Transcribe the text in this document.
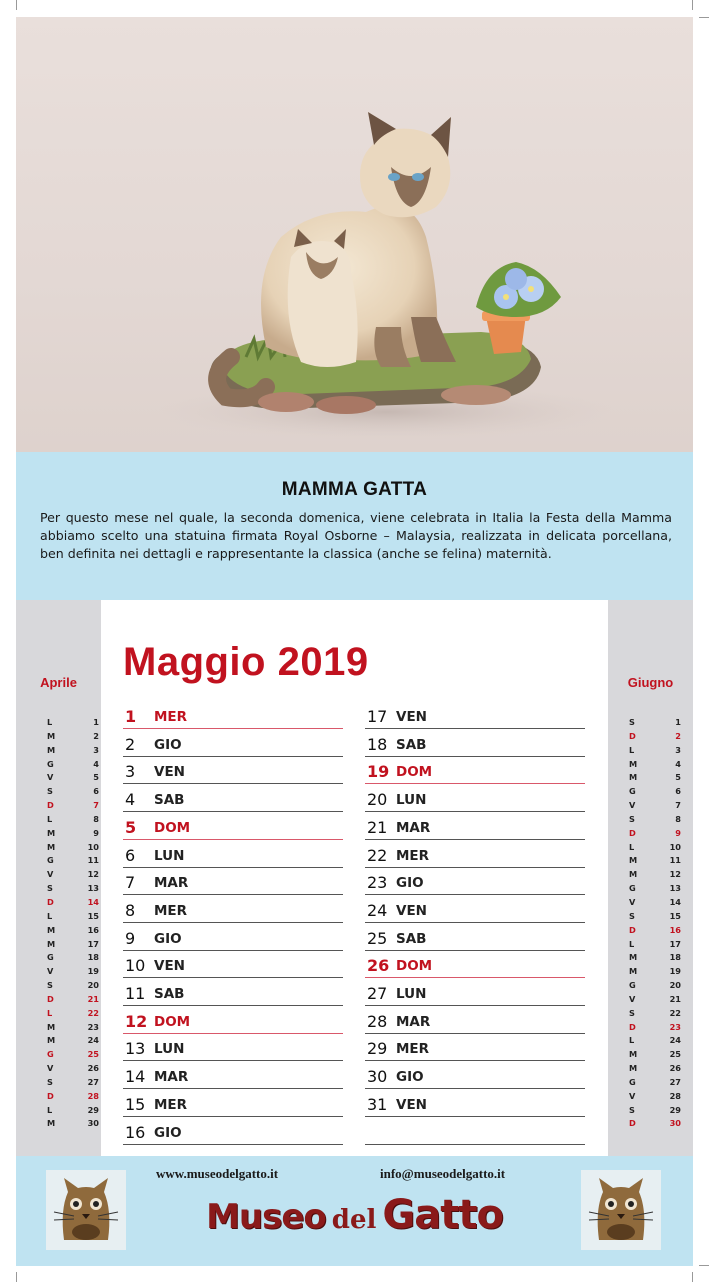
MAMMA GATTA

Per questo mese nel quale, la seconda domenica, viene celebrata in Italia la Festa della Mamma abbiamo scelto una statuina firmata Royal Osborne – Malaysia, realizzata in delicata porcellana, ben definita nei dettagli e rappresentante la classica (anche se felina) maternità.

Aprile
L	1
M	2
M	3
G	4
V	5
S	6
D	7
L	8
M	9
M	10
G	11
V	12
S	13
D	14
L	15
M	16
M	17
G	18
V	19
S	20
D	21
L	22
M	23
M	24
G	25
V	26
S	27
D	28
L	29
M	30
Maggio 2019
1 MER
2 GIO
3 VEN
4 SAB
5 DOM
6 LUN
7 MAR
8 MER
9 GIO
10 VEN
11 SAB
12 DOM
13 LUN
14 MAR
15 MER
16 GIO
17 VEN
18 SAB
19 DOM
20 LUN
21 MAR
22 MER
23 GIO
24 VEN
25 SAB
26 DOM
27 LUN
28 MAR
29 MER
30 GIO
31 VEN
Giugno
S	1
D	2
L	3
M	4
M	5
G	6
V	7
S	8
D	9
L	10
M	11
M	12
G	13
V	14
S	15
D	16
L	17
M	18
M	19
G	20
V	21
S	22
D	23
L	24
M	25
M	26
G	27
V	28
S	29
D	30
www.museodelgatto.it	info@museodelgatto.it
Museo del Gatto
